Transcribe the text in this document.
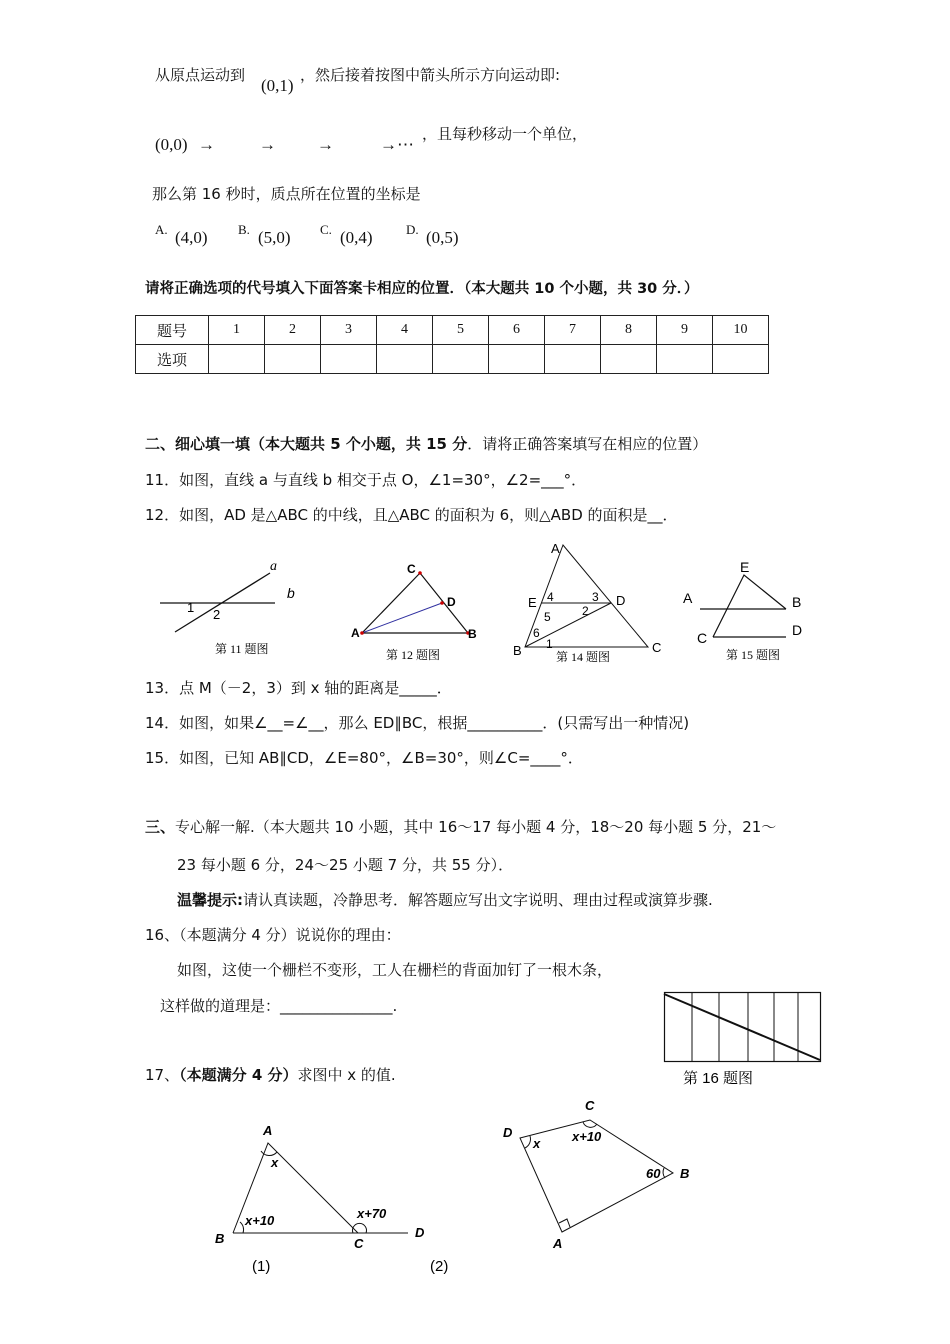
从原点运动到
(0,1)
，然后接着按图中箭头所示方向运动即:
(0,0) →	→ →	→⋯
，且每秒移动一个单位，
那么第 16 秒时，质点所在位置的坐标是
A. (4,0) B. (5,0) C. (0,4)	D. (0,5)
请将正确选项的代号填入下面答案卡相应的位置．（本大题共 10 个小题，共 30 分．）
题号	1	2	3	4	5	6	7	8	9	10
选项										
二、细心填一填（本大题共 5 个小题，共 15 分．请将正确答案填写在相应的位置）
11．如图，直线 a 与直线 b 相交于点 O，∠1=30°，∠2=___°．
12．如图，AD 是△ABC 的中线，且△ABC 的面积为 6，则△ABD 的面积是__．
a
b
1 2
第 11 题图
C
D
A	B
第 12 题图
A
E	D
B	C
4	3
2
5
6
1
第 14 题图
E
A	B
C	D
第 15 题图
13．点 M（－2，3）到 x 轴的距离是_____．
14．如图，如果∠__=∠__，那么 ED∥BC，根据__________．(只需写出一种情况)
15．如图，已知 AB∥CD，∠E=80°，∠B=30°，则∠C=____°．
三、专心解一解.（本大题共 10 小题，其中 16～17 每小题 4 分，18～20 每小题 5 分，21～
23 每小题 6 分，24～25 小题 7 分，共 55 分）．
温馨提示:请认真读题，冷静思考．解答题应写出文字说明、理由过程或演算步骤.
16、（本题满分 4 分）说说你的理由：
如图，这使一个栅栏不变形，工人在栅栏的背面加钉了一根木条，
这样做的道理是：_______________.
第 16 题图
17、（本题满分 4 分）求图中 x 的值.
A
x
B
x+10
C
x+70
D
(1)	(2)
C
x+10
D
x
B
60
A
